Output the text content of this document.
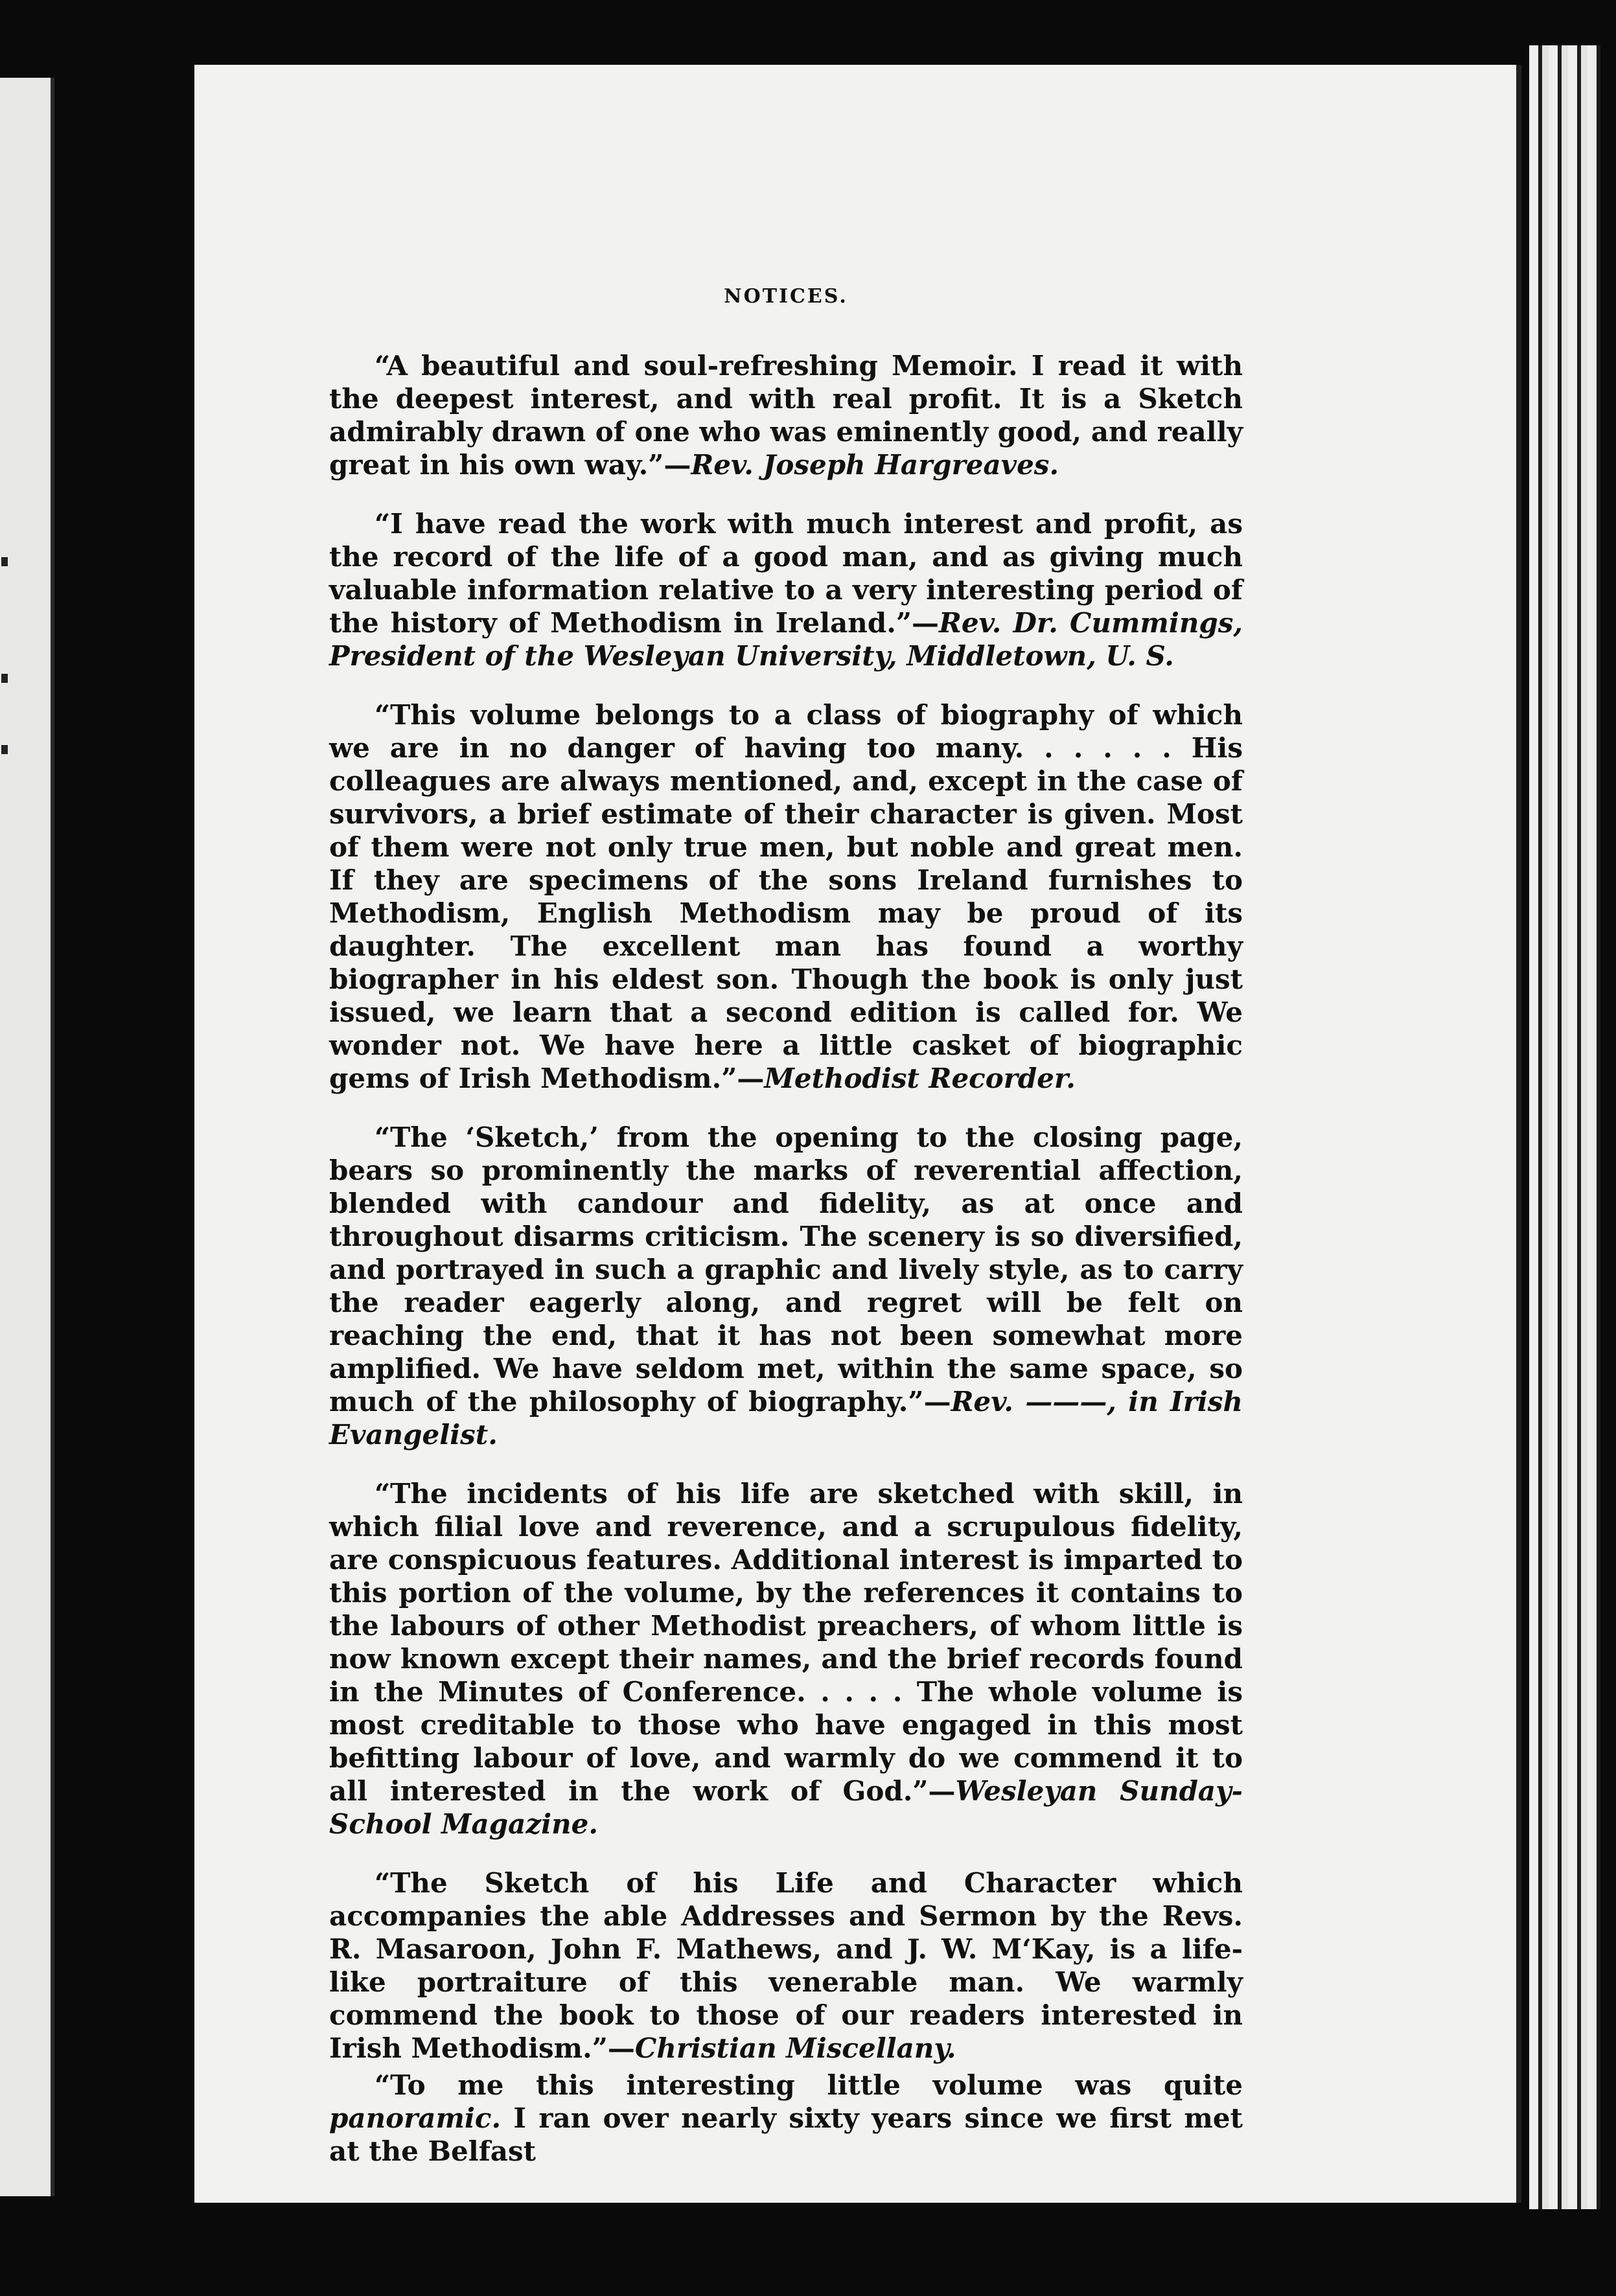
NOTICES.

“A beautiful and soul-refreshing Memoir. I read it with the deepest interest, and with real profit. It is a Sketch admirably drawn of one who was eminently good, and really great in his own way.”—Rev. Joseph Hargreaves.

“I have read the work with much interest and profit, as the record of the life of a good man, and as giving much valuable information relative to a very interesting period of the history of Methodism in Ireland.”—Rev. Dr. Cummings, President of the Wesleyan University, Middletown, U. S.

“This volume belongs to a class of biography of which we are in no danger of having too many. . . . . . His colleagues are always mentioned, and, except in the case of survivors, a brief estimate of their character is given. Most of them were not only true men, but noble and great men. If they are specimens of the sons Ireland furnishes to Methodism, English Methodism may be proud of its daughter. The excellent man has found a worthy biographer in his eldest son. Though the book is only just issued, we learn that a second edition is called for. We wonder not. We have here a little casket of biographic gems of Irish Methodism.”—Methodist Recorder.

“The ‘Sketch,’ from the opening to the closing page, bears so prominently the marks of reverential affection, blended with candour and fidelity, as at once and throughout disarms criticism. The scenery is so diversified, and portrayed in such a graphic and lively style, as to carry the reader eagerly along, and regret will be felt on reaching the end, that it has not been somewhat more amplified. We have seldom met, within the same space, so much of the philosophy of biography.”—Rev. ———, in Irish Evangelist.

“The incidents of his life are sketched with skill, in which filial love and reverence, and a scrupulous fidelity, are conspicuous features. Additional interest is imparted to this portion of the volume, by the references it contains to the labours of other Methodist preachers, of whom little is now known except their names, and the brief records found in the Minutes of Conference. . . . . The whole volume is most creditable to those who have engaged in this most befitting labour of love, and warmly do we commend it to all interested in the work of God.”—Wesleyan Sunday-School Magazine.

“The Sketch of his Life and Character which accompanies the able Addresses and Sermon by the Revs. R. Masaroon, John F. Mathews, and J. W. M‘Kay, is a life-like portraiture of this venerable man. We warmly commend the book to those of our readers interested in Irish Methodism.”—Christian Miscellany.

“To me this interesting little volume was quite panoramic. I ran over nearly sixty years since we first met at the Belfast
